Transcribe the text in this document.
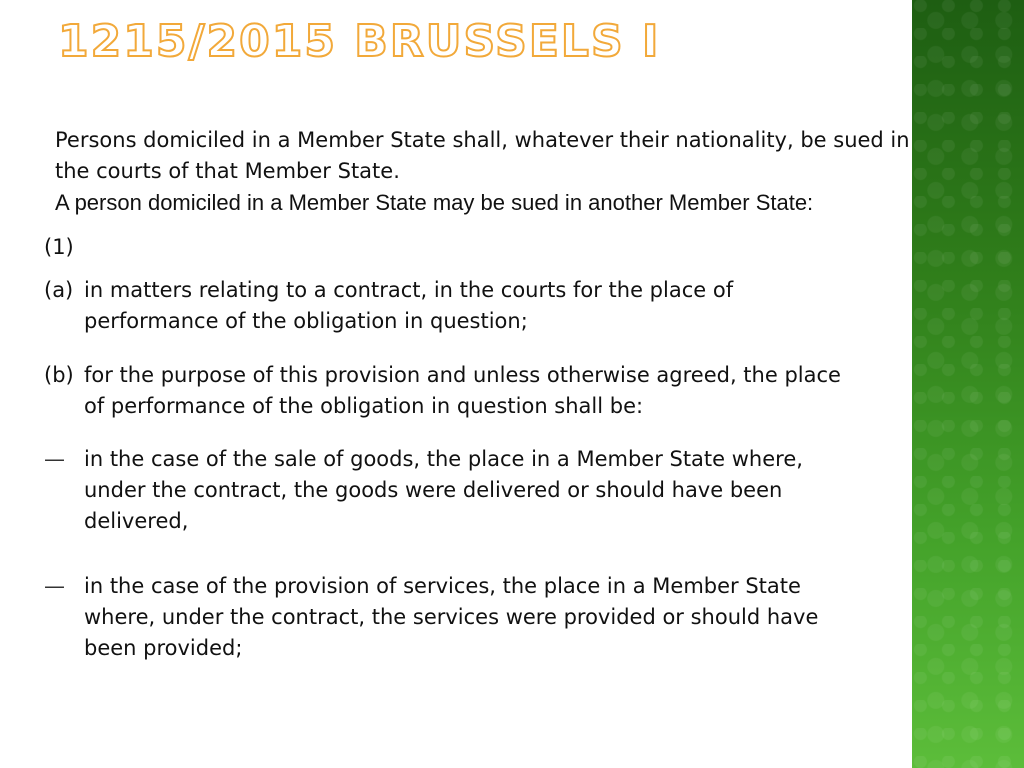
1215/2015 BRUSSELS I

Persons domiciled in a Member State shall, whatever their nationality, be sued in the courts of that Member State.

A person domiciled in a Member State may be sued in another Member State:

(1)
(a) in matters relating to a contract, in the courts for the place of performance of the obligation in question;
(b) for the purpose of this provision and unless otherwise agreed, the place of performance of the obligation in question shall be:
— in the case of the sale of goods, the place in a Member State where, under the contract, the goods were delivered or should have been delivered,
— in the case of the provision of services, the place in a Member State where, under the contract, the services were provided or should have been provided;
